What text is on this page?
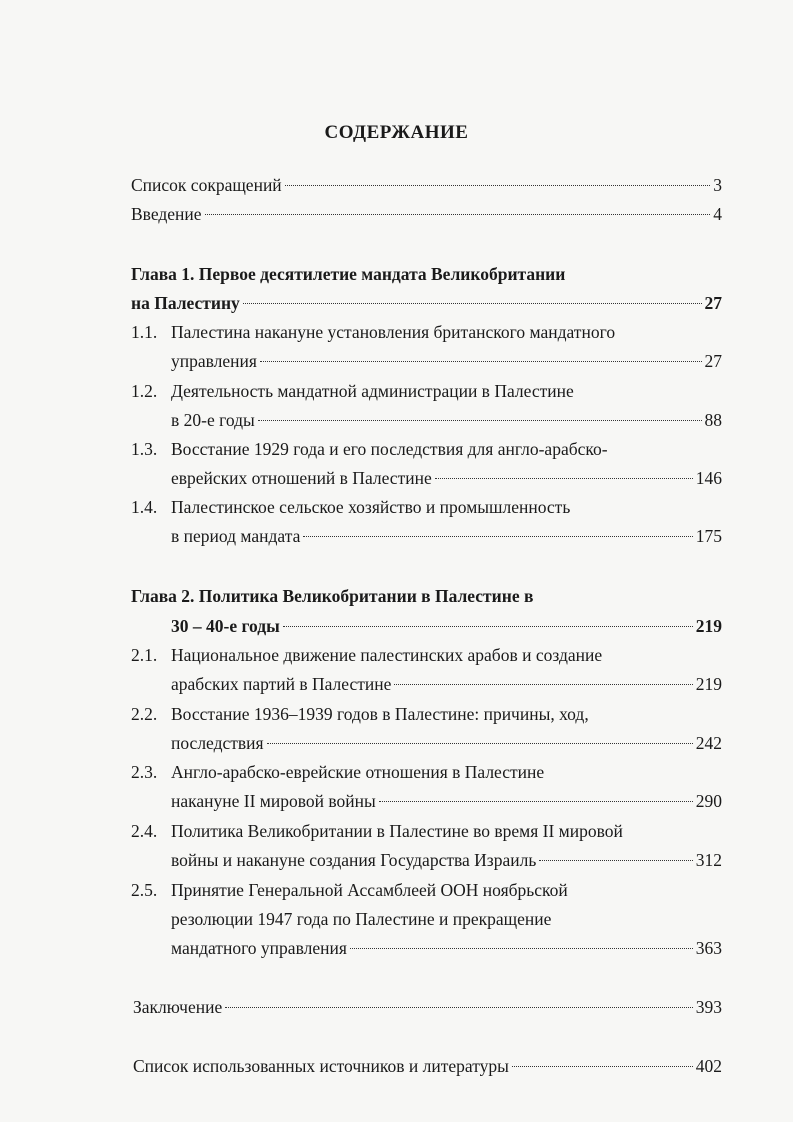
СОДЕРЖАНИЕ
Список сокращений	3
Введение	4
Глава 1. Первое десятилетие мандата Великобритании
на Палестину	27
1.1. Палестина накануне установления британского мандатного
управления	27
1.2. Деятельность мандатной администрации в Палестине
в 20-е годы	88
1.3. Восстание 1929 года и его последствия для англо-арабско-
еврейских отношений в Палестине	146
1.4. Палестинское сельское хозяйство и промышленность
в период мандата	175
Глава 2. Политика Великобритании в Палестине в
30 – 40-е годы	219
2.1. Национальное движение палестинских арабов и создание
арабских партий в Палестине	219
2.2. Восстание 1936–1939 годов в Палестине: причины, ход,
последствия	242
2.3. Англо-арабско-еврейские отношения в Палестине
накануне II мировой войны	290
2.4. Политика Великобритании в Палестине во время II мировой
войны и накануне создания Государства Израиль	312
2.5. Принятие Генеральной Ассамблеей ООН ноябрьской
резолюции 1947 года по Палестине и прекращение
мандатного управления	363
Заключение	393
Список использованных источников и литературы	402
